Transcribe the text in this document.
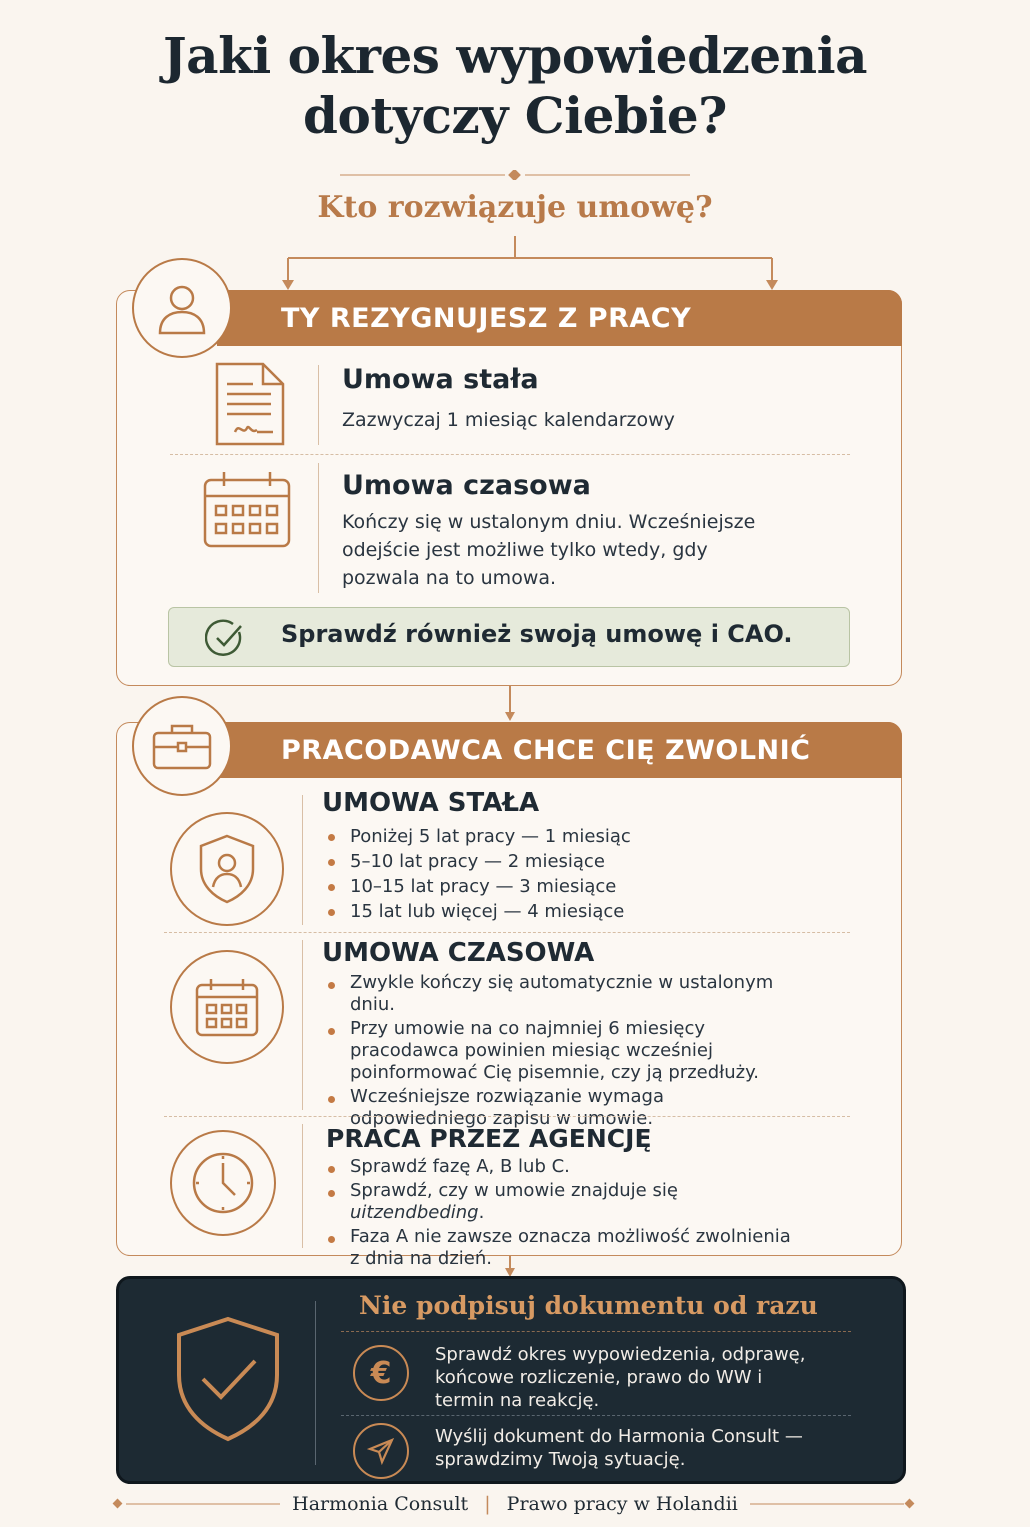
Jaki okres wypowiedzenia
dotyczy Ciebie?
Kto rozwiązuje umowę?
TY REZYGNUJESZ Z PRACY
Umowa stała
Zazwyczaj 1 miesiąc kalendarzowy
Umowa czasowa
Kończy się w ustalonym dniu. Wcześniejsze
odejście jest możliwe tylko wtedy, gdy
pozwala na to umowa.
Sprawdź również swoją umowę i CAO.
PRACODAWCA CHCE CIĘ ZWOLNIĆ
UMOWA STAŁA
Poniżej 5 lat pracy — 1 miesiąc
5–10 lat pracy — 2 miesiące
10–15 lat pracy — 3 miesiące
15 lat lub więcej — 4 miesiące
UMOWA CZASOWA
Zwykle kończy się automatycznie w ustalonym dniu.
Przy umowie na co najmniej 6 miesięcy pracodawca powinien miesiąc wcześniej poinformować Cię pisemnie, czy ją przedłuży.
Wcześniejsze rozwiązanie wymaga odpowiedniego zapisu w umowie.
PRACA PRZEZ AGENCJĘ
Sprawdź fazę A, B lub C.
Sprawdź, czy w umowie znajduje się uitzendbeding.
Faza A nie zawsze oznacza możliwość zwolnienia z dnia na dzień.
Nie podpisuj dokumentu od razu
€
Sprawdź okres wypowiedzenia, odprawę,
końcowe rozliczenie, prawo do WW i
termin na reakcję.
Wyślij dokument do Harmonia Consult —
sprawdzimy Twoją sytuację.
Harmonia Consult | Prawo pracy w Holandii
